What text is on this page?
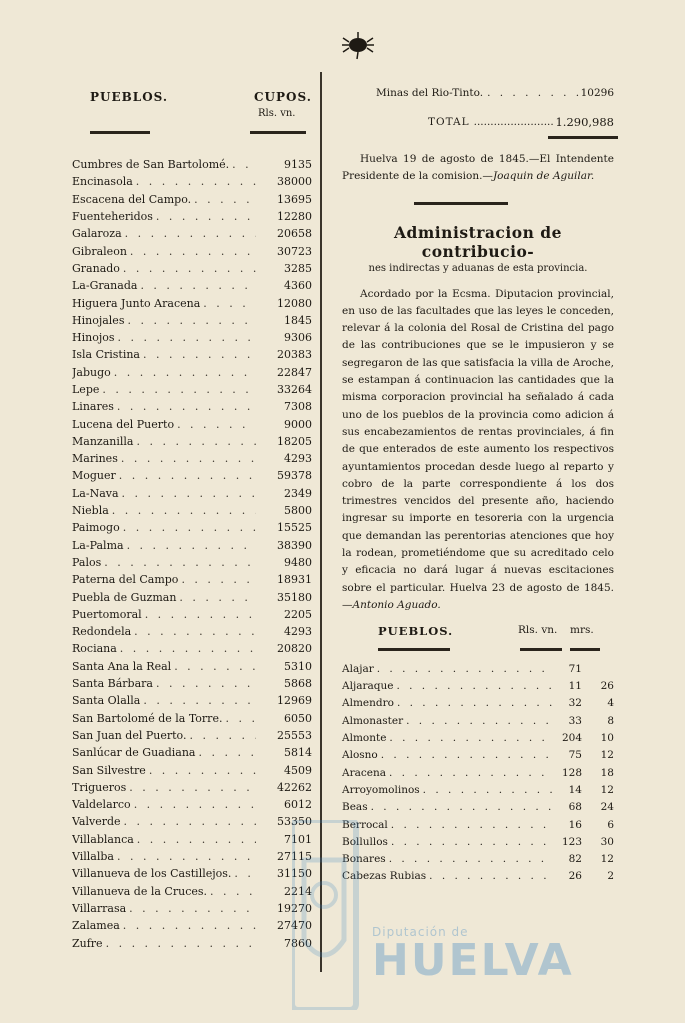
PUEBLOS.	CUPOS.
Rls. vn.
Cumbres de San Bartolomé. . . .	9135
Encinasola . . .	38000
Escacena del Campo. . . .	13695
Fuenteheridos . . .	12280
Galaroza . . .	20658
Gibraleon . . .	30723
Granado . . .	3285
La-Granada . . .	4360
Higuera Junto Aracena . . .	12080
Hinojales . . .	1845
Hinojos . . .	9306
Isla Cristina . . .	20383
Jabugo . . .	22847
Lepe . . .	33264
Linares . . .	7308
Lucena del Puerto . . .	9000
Manzanilla . . .	18205
Marines . . .	4293
Moguer . . .	59378
La-Nava . . .	2349
Niebla . . .	5800
Paimogo . . .	15525
La-Palma . . .	38390
Palos . . .	9480
Paterna del Campo . . .	18931
Puebla de Guzman . . .	35180
Puertomoral . . .	2205
Redondela . . .	4293
Rociana . . .	20820
Santa Ana la Real . . .	5310
Santa Bárbara . . .	5868
Santa Olalla . . .	12969
San Bartolomé de la Torre. . . .	6050
San Juan del Puerto. . . .	25553
Sanlúcar de Guadiana . . .	5814
San Silvestre . . .	4509
Trigueros . . .	42262
Valdelarco . . .	6012
Valverde . . .	53350
Villablanca . . .	7101
Villalba . . .	27115
Villanueva de los Castillejos. . . .	31150
Villanueva de la Cruces. . . .	2214
Villarrasa . . .	19270
Zalamea . . .	27470
Zufre . . .	7860
Minas del Rio-Tinto. . . .	10296
TOTAL .....	1.290,988

Huelva 19 de agosto de 1845.—El Intendente Presidente de la comision.—Joaquin de Aguilar.

Administracion de contribucio-
nes indirectas y aduanas de esta provincia.

Acordado por la Ecsma. Diputacion provincial, en uso de las facultades que las leyes le conceden, relevar á la colonia del Rosal de Cristina del pago de las contribuciones que se le impusieron y se segregaron de las que satisfacia la villa de Aroche, se estampan á continuacion las cantidades que la misma corporacion provincial ha señalado á cada uno de los pueblos de la provincia como adicion á sus encabezamientos de rentas provinciales, á fin de que enterados de este aumento los respectivos ayuntamientos procedan desde luego al reparto y cobro de la parte correspondiente á los dos trimestres vencidos del presente año, haciendo ingresar su importe en tesoreria con la urgencia que demandan las perentorias atenciones que hoy la rodean, prometiéndome que su acreditado celo y eficacia no dará lugar á nuevas escitaciones sobre el particular. Huelva 23 de agosto de 1845.—Antonio Aguado.

PUEBLOS.	Rls. vn. mrs.
Alajar . . .	71
Aljaraque . . .	11	26
Almendro . . .	32	4
Almonaster . . .	33	8
Almonte . . .	204	10
Alosno . . .	75	12
Aracena . . .	128	18
Arroyomolinos . . .	14	12
Beas . . .	68	24
Berrocal . . .	16	6
Bollullos . . .	123	30
Bonares . . .	82	12
Cabezas Rubias . . .	26	2
Diputación de
HUELVA
